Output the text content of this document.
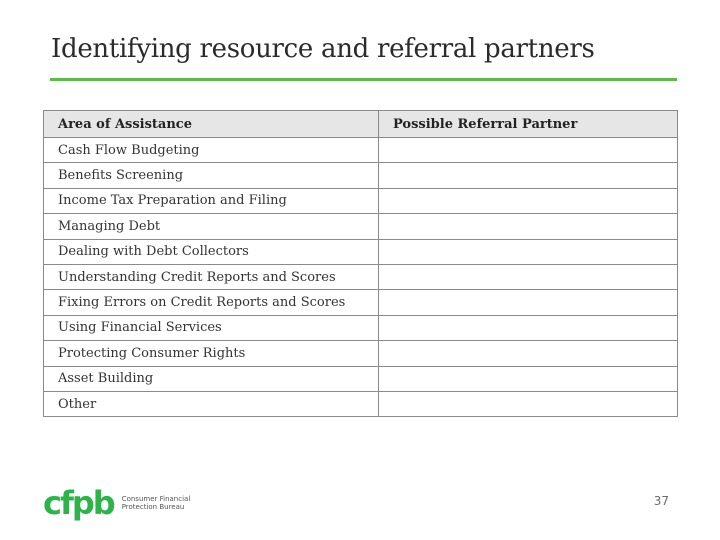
Identifying resource and referral partners
Area of Assistance	Possible Referral Partner
Cash Flow Budgeting	
Benefits Screening	
Income Tax Preparation and Filing	
Managing Debt	
Dealing with Debt Collectors	
Understanding Credit Reports and Scores	
Fixing Errors on Credit Reports and Scores	
Using Financial Services	
Protecting Consumer Rights	
Asset Building	
Other	
cfpb Consumer Financial
Protection Bureau	37
